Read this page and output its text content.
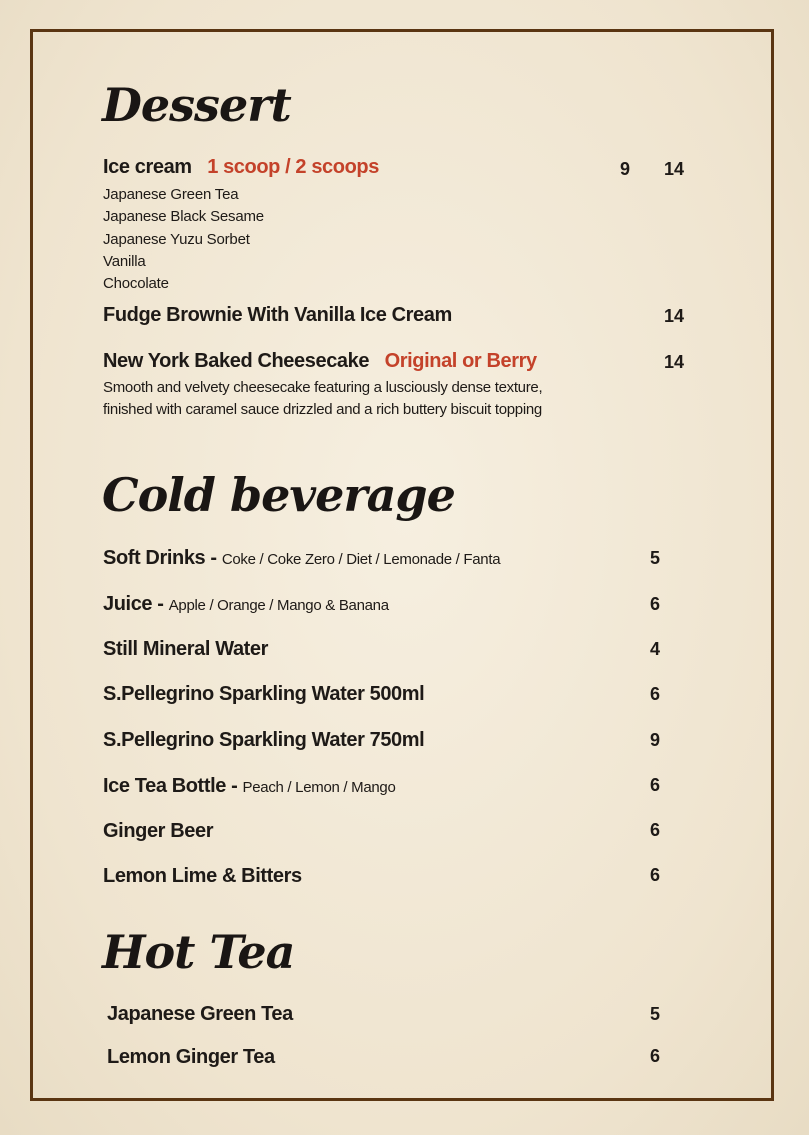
Dessert
Ice cream 1 scoop / 2 scoops	9	14
Japanese Green Tea
Japanese Black Sesame
Japanese Yuzu Sorbet
Vanilla
Chocolate
Fudge Brownie With Vanilla Ice Cream	14
New York Baked Cheesecake Original or Berry	14
Smooth and velvety cheesecake featuring a lusciously dense texture,
finished with caramel sauce drizzled and a rich buttery biscuit topping
Cold beverage
Soft Drinks - Coke / Coke Zero / Diet / Lemonade / Fanta	5
Juice - Apple / Orange / Mango & Banana	6
Still Mineral Water	4
S.Pellegrino Sparkling Water 500ml	6
S.Pellegrino Sparkling Water 750ml	9
Ice Tea Bottle - Peach / Lemon / Mango	6
Ginger Beer	6
Lemon Lime & Bitters	6
Hot Tea
Japanese Green Tea	5
Lemon Ginger Tea	6
